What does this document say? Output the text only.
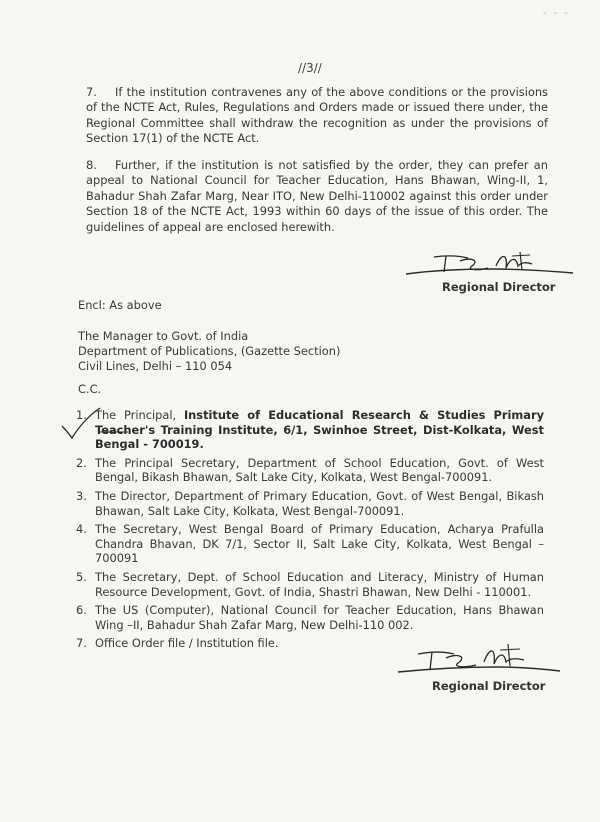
- - -
//3//
7. If the institution contravenes any of the above conditions or the provisions of the NCTE Act, Rules, Regulations and Orders made or issued there under, the Regional Committee shall withdraw the recognition as under the provisions of Section 17(1) of the NCTE Act.
8. Further, if the institution is not satisfied by the order, they can prefer an appeal to National Council for Teacher Education, Hans Bhawan, Wing-II, 1, Bahadur Shah Zafar Marg, Near ITO, New Delhi-110002 against this order under Section 18 of the NCTE Act, 1993 within 60 days of the issue of this order. The guidelines of appeal are enclosed herewith.
Regional Director
Encl: As above
The Manager to Govt. of India
Department of Publications, (Gazette Section)
Civil Lines, Delhi – 110 054
C.C.
1. The Principal, Institute of Educational Research & Studies Primary Teacher's Training Institute, 6/1, Swinhoe Street, Dist-Kolkata, West Bengal - 700019.
2. The Principal Secretary, Department of School Education, Govt. of West Bengal, Bikash Bhawan, Salt Lake City, Kolkata, West Bengal-700091.
3. The Director, Department of Primary Education, Govt. of West Bengal, Bikash Bhawan, Salt Lake City, Kolkata, West Bengal-700091.
4. The Secretary, West Bengal Board of Primary Education, Acharya Prafulla Chandra Bhavan, DK 7/1, Sector II, Salt Lake City, Kolkata, West Bengal – 700091
5. The Secretary, Dept. of School Education and Literacy, Ministry of Human Resource Development, Govt. of India, Shastri Bhawan, New Delhi - 110001.
6. The US (Computer), National Council for Teacher Education, Hans Bhawan Wing –II, Bahadur Shah Zafar Marg, New Delhi-110 002.
7. Office Order file / Institution file.
Regional Director
